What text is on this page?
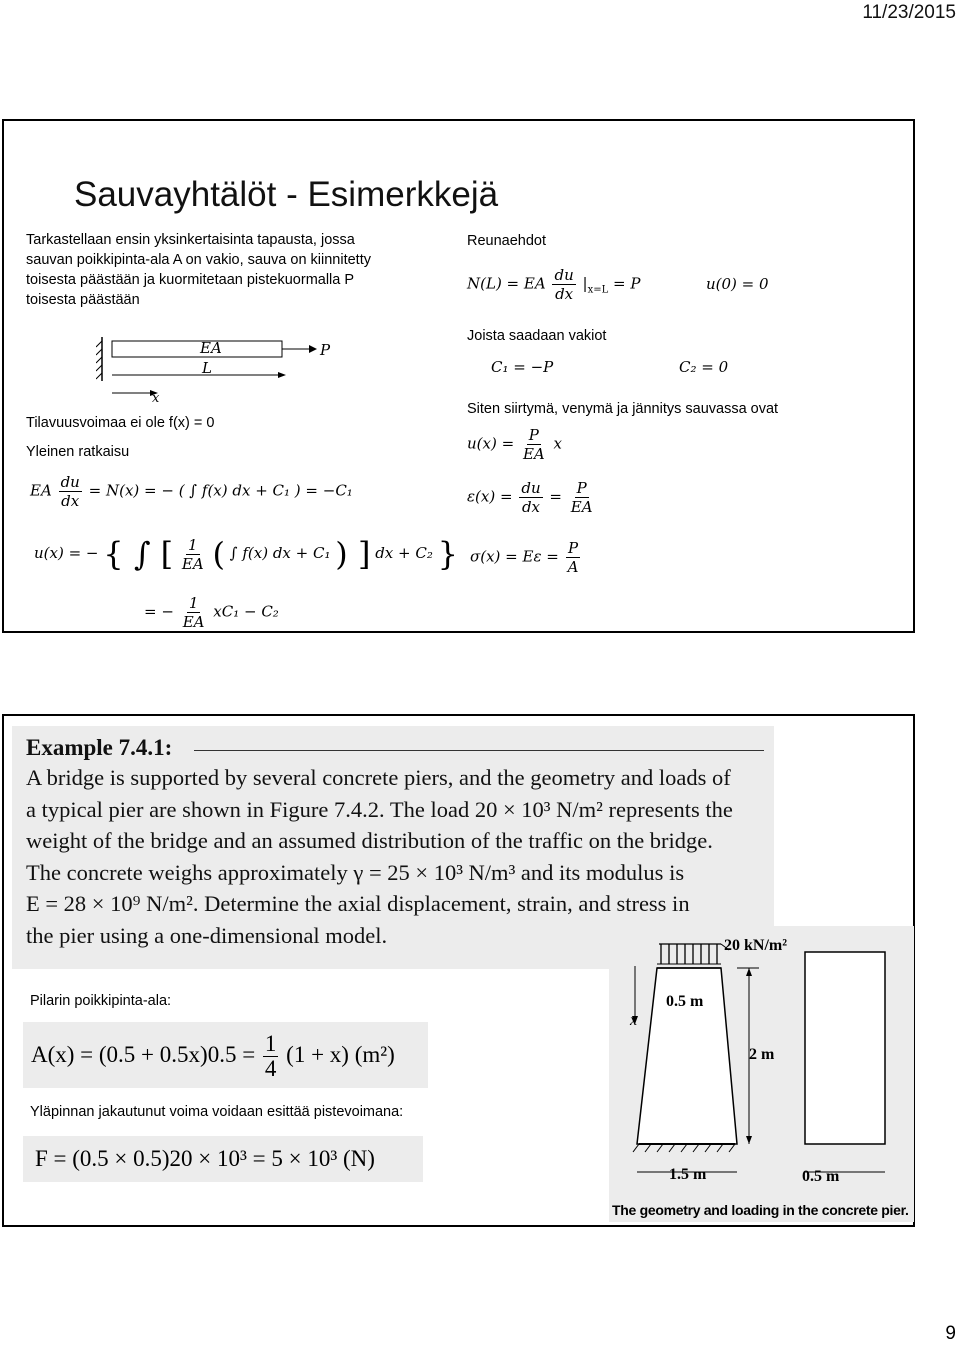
11/23/2015
Sauvayhtälöt - Esimerkkejä
Tarkastellaan ensin yksinkertaisinta tapausta, jossa
sauvan poikkipinta-ala A on vakio, sauva on kiinnitetty
toisesta päästään ja kuormitetaan pistekuormalla P
toisesta päästään
EA
L
P
x
Tilavuusvoimaa ei ole f(x) = 0
Yleinen ratkaisu
EA $\frac{du}{dx} = N(x)$ = − ( ∫ f(x) dx + C₁ ) = −C₁
u(x) = − { ∫ [ $\frac{1}{EA}$ ( ∫ f(x) dx + C₁ ) ] dx + C₂ }
= − $\frac{1}{EA} xC_1 - C_2$
Reunaehdot
N(L) = EA $\frac{du}{dx} |_{x=L} = P$	u(0) = 0
Joista saadaan vakiot
C₁ = −P	C₂ = 0
Siten siirtymä, venymä ja jännitys sauvassa ovat
$u(x) = \frac{P}{EA}$ x
$\varepsilon(x) = \frac{du}{dx} = \frac{P}{EA}$
$\sigma(x) = E\varepsilon = \frac{P}{A}$
Example 7.4.1:
A bridge is supported by several concrete piers, and the geometry and loads of
a typical pier are shown in Figure 7.4.2. The load 20 × 10³ N/m² represents the
weight of the bridge and an assumed distribution of the traffic on the bridge.
The concrete weighs approximately γ = 25 × 10³ N/m³ and its modulus is
E = 28 × 10⁹ N/m². Determine the axial displacement, strain, and stress in
the pier using a one-dimensional model.
Pilarin poikkipinta-ala:
$A(x) = (0.5 + 0.5x)0.5 = \frac{1}{4} (1 + x)$ (m²)
Yläpinnan jakautunut voima voidaan esittää pistevoimana:
F = (0.5 × 0.5)20 × 10³ = 5 × 10³ (N)
20 kN/m²
0.5 m
x
2 m
1.5 m	0.5 m
The geometry and loading in the concrete pier.
9
